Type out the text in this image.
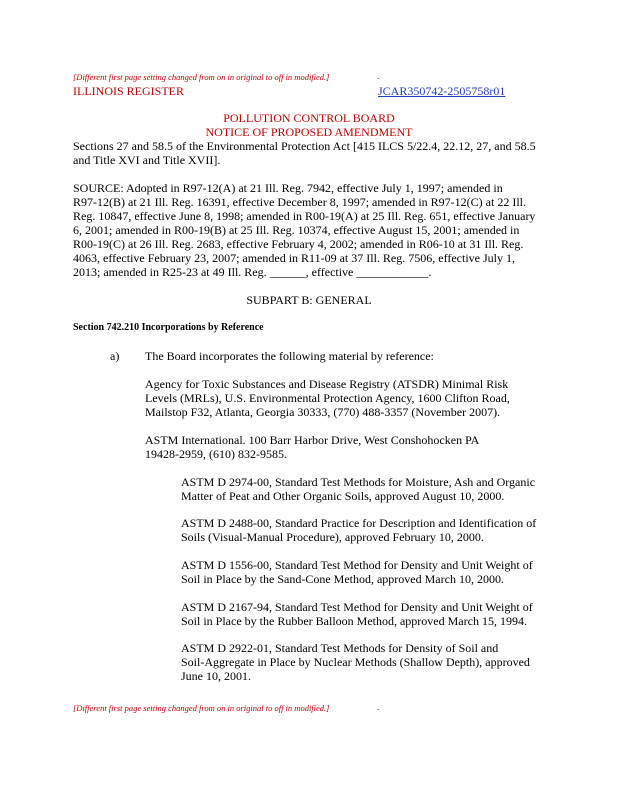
[Different first page setting changed from on in original to off in modified.]	.
ILLINOIS REGISTER	JCAR350742-2505758r01
POLLUTION CONTROL BOARD
NOTICE OF PROPOSED AMENDMENT
Sections 27 and 58.5 of the Environmental Protection Act [415 ILCS 5/22.4, 22.12, 27, and 58.5
and Title XVI and Title XVII].
SOURCE: Adopted in R97-12(A) at 21 Ill. Reg. 7942, effective July 1, 1997; amended in
R97-12(B) at 21 Ill. Reg. 16391, effective December 8, 1997; amended in R97-12(C) at 22 Ill.
Reg. 10847, effective June 8, 1998; amended in R00-19(A) at 25 Ill. Reg. 651, effective January
6, 2001; amended in R00-19(B) at 25 Ill. Reg. 10374, effective August 15, 2001; amended in
R00-19(C) at 26 Ill. Reg. 2683, effective February 4, 2002; amended in R06-10 at 31 Ill. Reg.
4063, effective February 23, 2007; amended in R11-09 at 37 Ill. Reg. 7506, effective July 1,
2013; amended in R25-23 at 49 Ill. Reg. ______, effective ____________.
SUBPART B: GENERAL
Section 742.210 Incorporations by Reference
a) The Board incorporates the following material by reference:
Agency for Toxic Substances and Disease Registry (ATSDR) Minimal Risk
Levels (MRLs), U.S. Environmental Protection Agency, 1600 Clifton Road,
Mailstop F32, Atlanta, Georgia 30333, (770) 488-3357 (November 2007).
ASTM International. 100 Barr Harbor Drive, West Conshohocken PA
19428-2959, (610) 832-9585.
ASTM D 2974-00, Standard Test Methods for Moisture, Ash and Organic
Matter of Peat and Other Organic Soils, approved August 10, 2000.
ASTM D 2488-00, Standard Practice for Description and Identification of
Soils (Visual-Manual Procedure), approved February 10, 2000.
ASTM D 1556-00, Standard Test Method for Density and Unit Weight of
Soil in Place by the Sand-Cone Method, approved March 10, 2000.
ASTM D 2167-94, Standard Test Method for Density and Unit Weight of
Soil in Place by the Rubber Balloon Method, approved March 15, 1994.
ASTM D 2922-01, Standard Test Methods for Density of Soil and
Soil-Aggregate in Place by Nuclear Methods (Shallow Depth), approved
June 10, 2001.
[Different first page setting changed from on in original to off in modified.]	.
